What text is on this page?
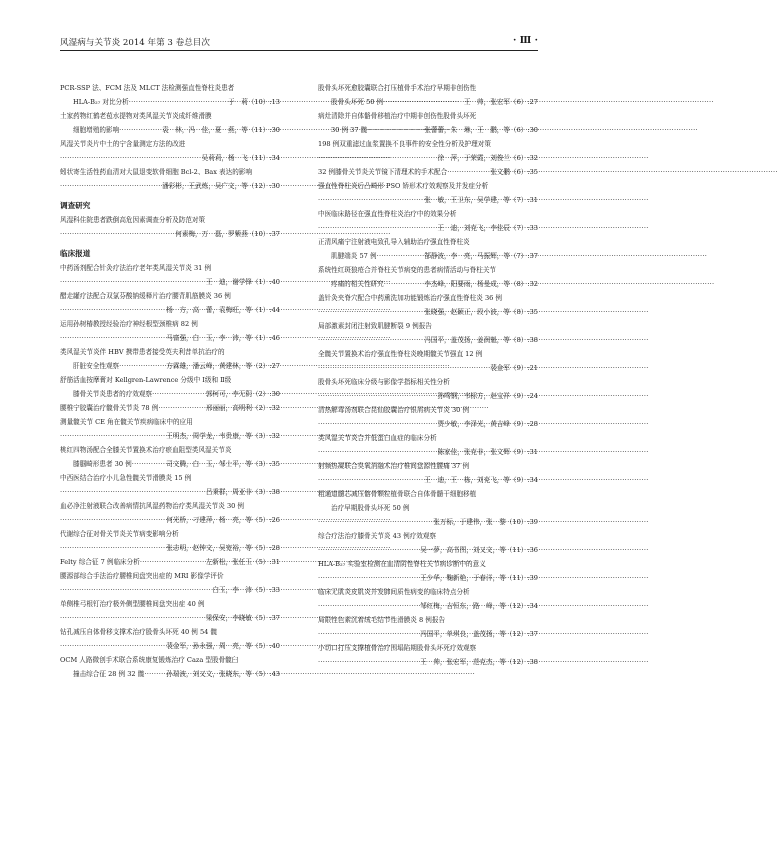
风湿病与关节炎 2014 年第 3 卷总目次	· Ⅲ ·
PCR-SSP 法、FCM 法及 MLCT 法检测强直性脊柱炎患者
HLA-B₂₇ 对比分析 ·····	于　莉（10）:13
土家药物红鹤老苞水提物对类风湿关节炎成纤维滑膜
细胞增殖的影响 ·····	袁　林，冯　佳，夏　燕，等（11）:30
风湿关节炎片中土的宁含量测定方法的改进
·····
吴莉莉，杨　飞（11）:34
蚓状寄生活性药血清对大鼠退变软骨细胞 Bcl-2、Bax 表达的影响
·····
潘彩彬，王武炼，吴广文，等（12）:30
调查研究
风湿科住院患者跌倒高危因素调查分析及防范对策
·····
何素梅，万　磊，罗紫燕（10）:37
临床报道
中药汤剂配合针灸疗法治疗老年类风湿关节炎 31 例
·····
王　迪，谢学锋（1）:40
醋走罐疗法配合双氯芬酸钠缓释片治疗腰背肌筋膜炎 36 例
·····
杨　方，高　蕾，袁梅旺，等（1）:44
运用孙树椿教授经验治疗神经根型颈椎病 82 例
·····
马富强，白　玉，李　沛，等（1）:46
类风湿关节炎伴 HBV 携带患者接受英夫利昔单抗治疗的
肝脏安全性观察 ·····	方霖雄，潘云峰，黄建林，等（2）:27
舒筋活血按摩膏对 Kellgren-Lawrence 分级中 Ⅰ级和 Ⅱ级
膝骨关节炎患者的疗效观察 ·····	郭柯可，李无阴（2）:30
腰椎宁胶囊治疗髋骨关节炎 78 例 ·····	邢丽丽，高明利（2）:32
测量髋关节 CE 角在髋关节疾病临床中的应用
·····
王明杰，周学龙，韦贵康，等（3）:32
桃红四物汤配合全膝关节置换术治疗瘀血阻型类风湿关节炎
膝腘畸形患者 30 例 ·····	司文腾，白　玉，邹士平，等（3）:35
中西医结合治疗小儿急性髋关节滑膜炎 15 例
·····
吕秉群，周亚非（3）:38
血必净注射液联合改善病情抗风湿药物治疗类风湿关节炎 30 例
·····
何光桥，刁建萍，杨　亮，等（5）:26
代谢综合征对骨关节炎关节病变影响分析
·····
张志明，赵钟文，吴宽裕，等（5）:28
Felty 综合征 7 例临床分析 ·····	左新松，张任玉（5）:31
腰源部综合手法治疗腰椎间盘突出症的 MRI 影像学评价
·····
白玉，李　沛（5）:33
单侧椎弓根钉治疗极外侧型腰椎间盘突出症 40 例
·····
梁保安，李晓敏（5）:37
钻孔减压自体骨移支撑术治疗股骨头坏死 40 例 54 髋
·····
裴金军，孙永强，周　亮，等（5）:40
OCM 人路微创手术联合系统康复锻炼治疗 Caza 型股骨髋臼
撞击综合征 28 例 32 髋 ·····	孙瑞波，刘又文，张晓东，等（5）:43
股骨头坏死愈胶囊联合打压植骨手术治疗早期非创伤性
股骨头坏死 50 例 ·····	王　帅，张宏军（6）:27
病灶清除并自体骼骨移植治疗中期非创伤性股骨头坏死
30 例 37 髋 ·····	张蕾蕾，朱　琳，王　鹏，等（6）:30
198 例双重滤过血浆置换不良事件的安全性分析及护理对策
·····
徐　萍，于荣霞，刘俊兰（6）:32
32 例膝骨关节炎关节镜下清理术的手术配合 ·····	张文鹏（6）:35
强直性脊柱炎后凸畸形 PSO 矫形术疗效观察及并发症分析
·····
张　敏，王卫东，吴学建，等（7）:31
中医临床路径在强直性脊柱炎治疗中的效果分析
·····
王　迪，刘克飞，李佳辰（7）:33
正清风痛宁注射液电致孔导入辅助治疗强直性脊柱炎
肌腱端炎 57 例 ·····	郜静波，李　亮，马振辉，等（7）:37
系统性红斑狼疮合并脊柱关节病变的患者病情活动与脊柱关节
疼痛的相关性研究 ·····	李杰峰，阳要雨，杨曼成，等（8）:32
盖针灸夹脊穴配合中药熏洗加功能锻炼治疗强直性脊柱炎 36 例
·····
张晓强，赵颖正，段小波，等（8）:35
局部激素封闭注射致肌腱断裂 9 例报告
·····
冯国平，盖茂扬，姜润魁，等（8）:38
全髋关节置换术治疗强直性脊柱炎晚期髋关节强直 12 例
·····
裴金军（9）:21
股骨头坏死临床分级与影像学指标相关性分析
·····
孙鸣钢，韦标方，赵宝祥（9）:24
清热解毒汤剂联合昆仙胶囊治疗银屑病关节炎 30 例
·····
贾少敏，李泽光，黄吉峰（9）:28
类风湿关节炎合并低蛋白血症的临床分析
·····
陈家佳，张克非，张文辉（9）:31
射频热凝联合臭氧消融术治疗椎间盘源性腰痛 37 例
·····
王　迪，王　栋，刘克飞，等（9）:34
粗通道髓芯减压髂骨颗粒植骨联合自体骨髓干细胞移植
治疗早期股骨头坏死 50 例
·····
张万标，于建伟，张　黎（10）:39
综合疗法治疗膝骨关节炎 43 例疗效观察
·····
吴一夢，高书图，刘又文，等（11）:36
HLA-B₂₇ 实验室检测在血清阴性脊柱关节病诊断中的意义
·····
王少华，鞠新艳，于春洋，等（11）:39
临床无肌炎皮肌炎并发肺间质性病变的临床特点分析
·····
邹红梅，吉恒东，路　峰，等（12）:34
局限性色素沉着绒毛结节性滑膜炎 8 例报告
·····
冯国平，单琪良，盖茂扬，等（12）:37
小切口打压支撑植骨治疗围塌陷期股骨头坏死疗效观察
·····
王　帅，张宏军，范克杰，等（12）:38
